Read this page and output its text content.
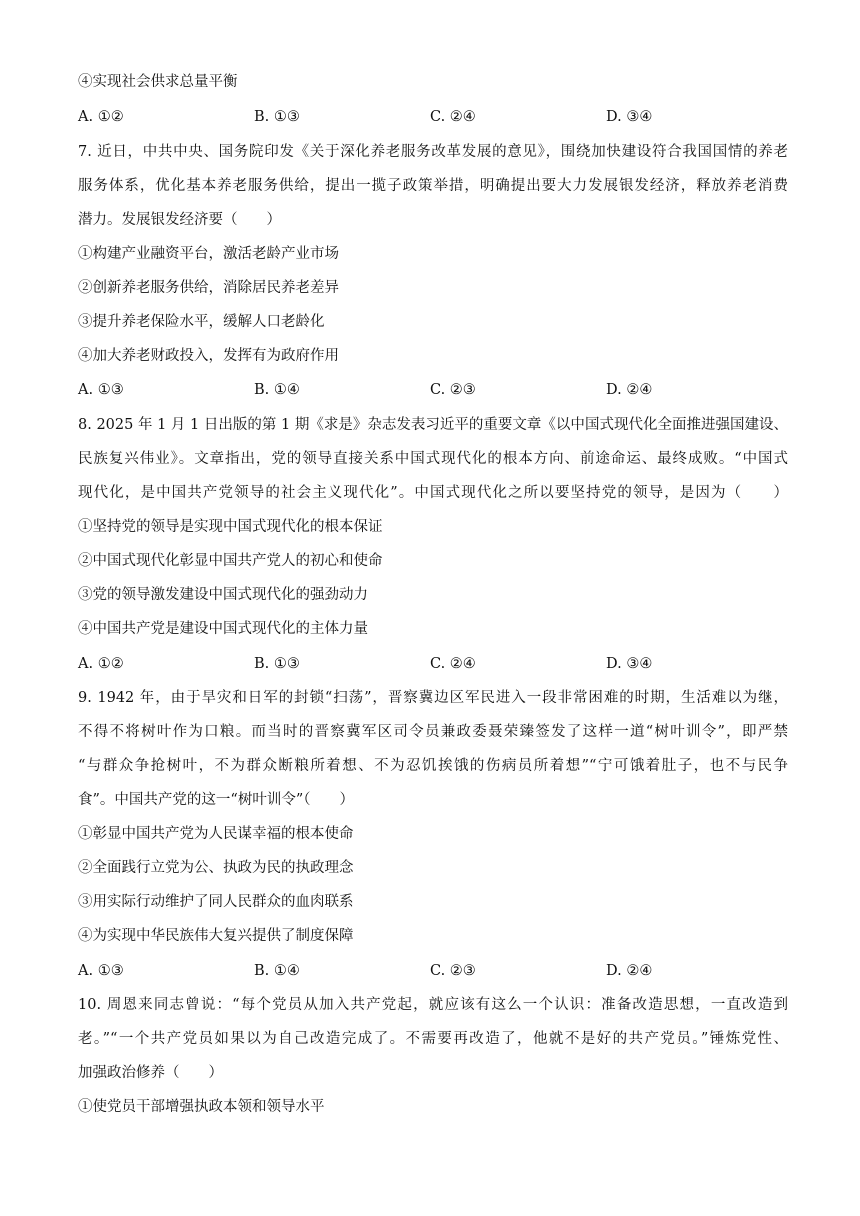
④实现社会供求总量平衡
A. ①②	B. ①③	C. ②④	D. ③④
7. 近日，中共中央、国务院印发《关于深化养老服务改革发展的意见》，围绕加快建设符合我国国情的养老
服务体系，优化基本养老服务供给，提出一揽子政策举措，明确提出要大力发展银发经济，释放养老消费
潜力。发展银发经济要（　　）
①构建产业融资平台，激活老龄产业市场
②创新养老服务供给，消除居民养老差异
③提升养老保险水平，缓解人口老龄化
④加大养老财政投入，发挥有为政府作用
A. ①③	B. ①④	C. ②③	D. ②④
8. 2025 年 1 月 1 日出版的第 1 期《求是》杂志发表习近平的重要文章《以中国式现代化全面推进强国建设、
民族复兴伟业》。文章指出，党的领导直接关系中国式现代化的根本方向、前途命运、最终成败。“中国式
现代化，是中国共产党领导的社会主义现代化”。中国式现代化之所以要坚持党的领导，是因为（　　）
①坚持党的领导是实现中国式现代化的根本保证
②中国式现代化彰显中国共产党人的初心和使命
③党的领导激发建设中国式现代化的强劲动力
④中国共产党是建设中国式现代化的主体力量
A. ①②	B. ①③	C. ②④	D. ③④
9. 1942 年，由于旱灾和日军的封锁“扫荡”，晋察冀边区军民进入一段非常困难的时期，生活难以为继，
不得不将树叶作为口粮。而当时的晋察冀军区司令员兼政委聂荣臻签发了这样一道“树叶训令”，即严禁
“与群众争抢树叶，不为群众断粮所着想、不为忍饥挨饿的伤病员所着想”“宁可饿着肚子，也不与民争
食”。中国共产党的这一“树叶训令”（　　）
①彰显中国共产党为人民谋幸福的根本使命
②全面践行立党为公、执政为民的执政理念
③用实际行动维护了同人民群众的血肉联系
④为实现中华民族伟大复兴提供了制度保障
A. ①③	B. ①④	C. ②③	D. ②④
10. 周恩来同志曾说：“每个党员从加入共产党起，就应该有这么一个认识：准备改造思想，一直改造到
老。”“一个共产党员如果以为自己改造完成了。不需要再改造了，他就不是好的共产党员。”锤炼党性、
加强政治修养（　　）
①使党员干部增强执政本领和领导水平
